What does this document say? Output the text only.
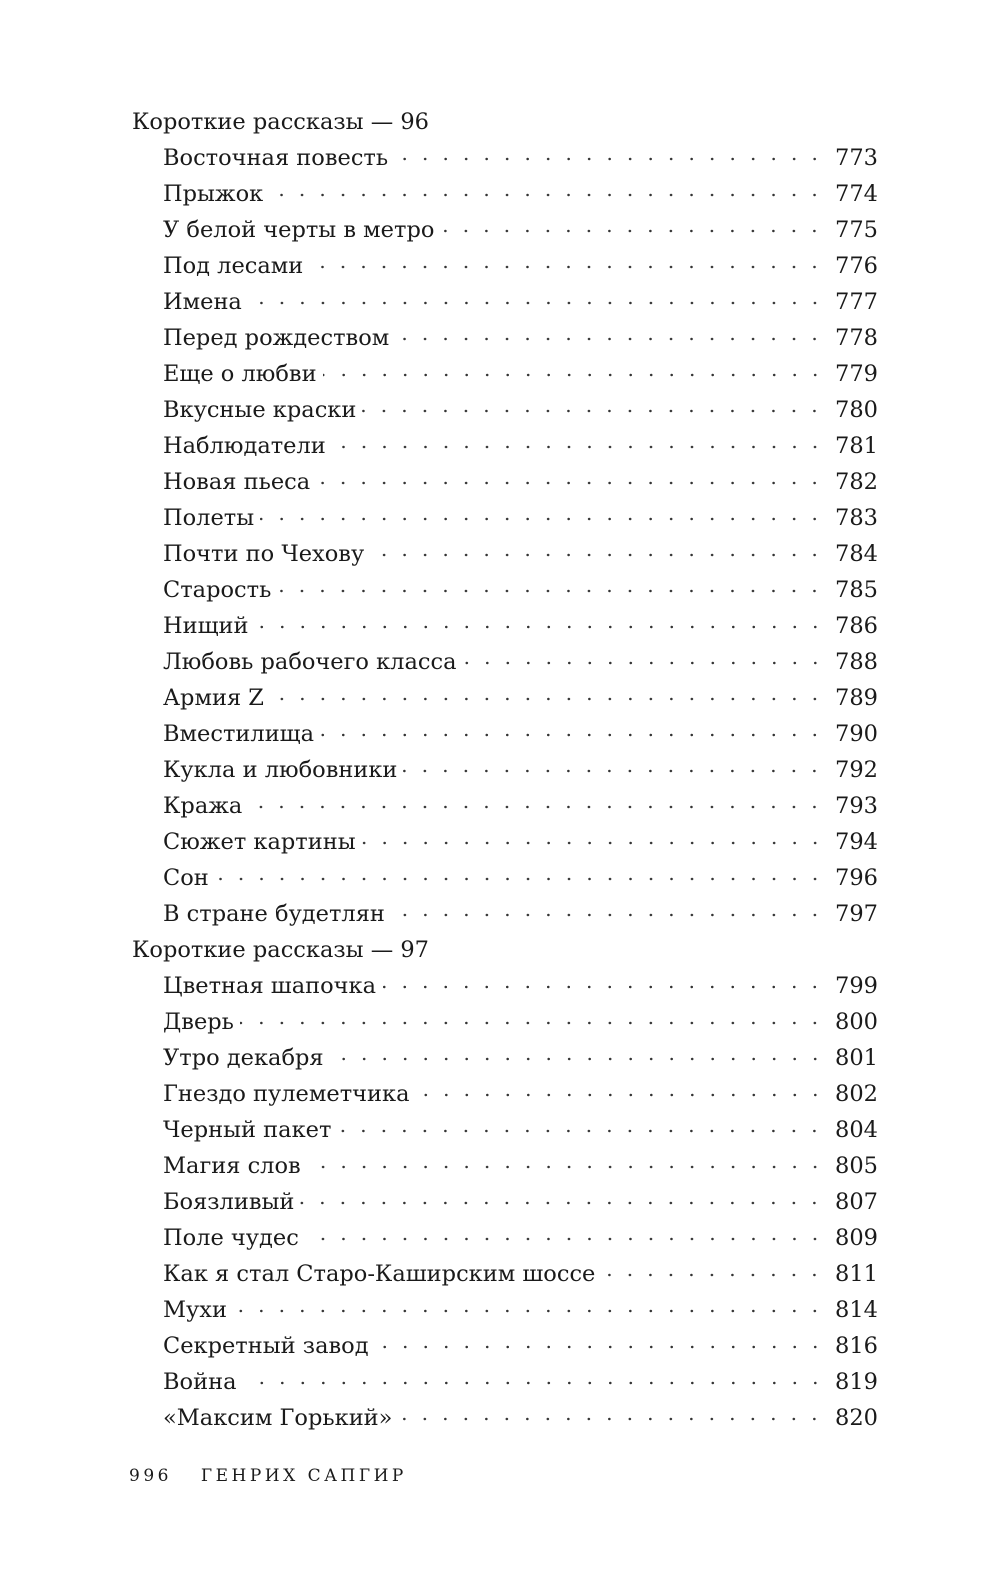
Короткие рассказы — 96
Восточная повесть	773
Прыжок	774
У белой черты в метро	775
Под лесами	776
Имена	777
Перед рождеством	778
Еще о любви	779
Вкусные краски	780
Наблюдатели	781
Новая пьеса	782
Полеты	783
Почти по Чехову	784
Старость	785
Нищий	786
Любовь рабочего класса	788
Армия Z	789
Вместилища	790
Кукла и любовники	792
Кража	793
Сюжет картины	794
Сон	796
В стране будетлян	797
Короткие рассказы — 97
Цветная шапочка	799
Дверь	800
Утро декабря	801
Гнездо пулеметчика	802
Черный пакет	804
Магия слов	805
Боязливый	807
Поле чудес	809
Как я стал Старо-Каширским шоссе	811
Мухи	814
Секретный завод	816
Война	819
«Максим Горький»	820
996 ГЕНРИХ САПГИР
